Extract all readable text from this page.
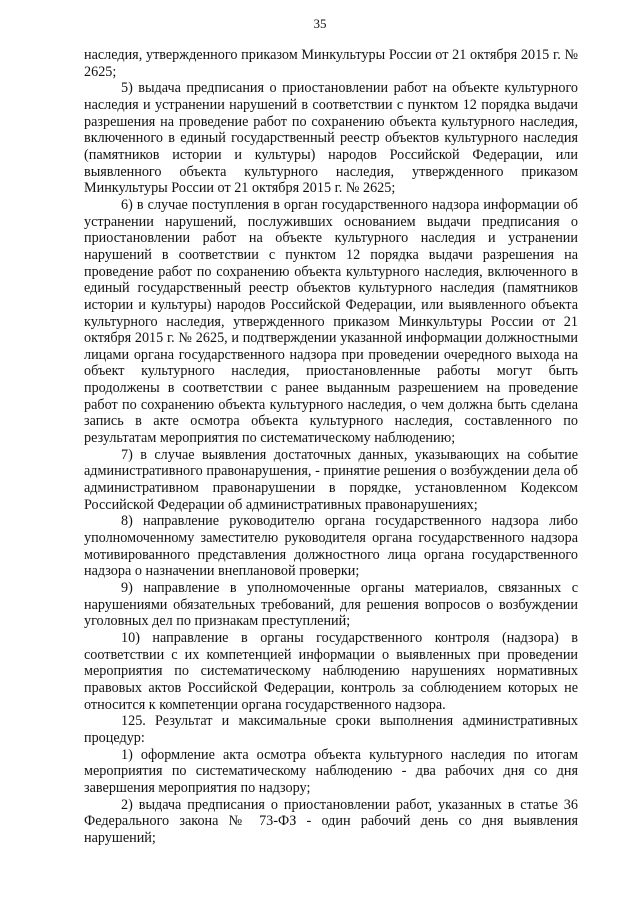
35

наследия, утвержденного приказом Минкультуры России от 21 октября 2015 г. № 2625;

5) выдача предписания о приостановлении работ на объекте культурного наследия и устранении нарушений в соответствии с пунктом 12 порядка выдачи разрешения на проведение работ по сохранению объекта культурного наследия, включенного в единый государственный реестр объектов культурного наследия (памятников истории и культуры) народов Российской Федерации, или выявленного объекта культурного наследия, утвержденного приказом Минкультуры России от 21 октября 2015 г. № 2625;

6) в случае поступления в орган государственного надзора информации об устранении нарушений, послуживших основанием выдачи предписания о приостановлении работ на объекте культурного наследия и устранении нарушений в соответствии с пунктом 12 порядка выдачи разрешения на проведение работ по сохранению объекта культурного наследия, включенного в единый государственный реестр объектов культурного наследия (памятников истории и культуры) народов Российской Федерации, или выявленного объекта культурного наследия, утвержденного приказом Минкультуры России от 21 октября 2015 г. № 2625, и подтверждении указанной информации должностными лицами органа государственного надзора при проведении очередного выхода на объект культурного наследия, приостановленные работы могут быть продолжены в соответствии с ранее выданным разрешением на проведение работ по сохранению объекта культурного наследия, о чем должна быть сделана запись в акте осмотра объекта культурного наследия, составленного по результатам мероприятия по систематическому наблюдению;

7) в случае выявления достаточных данных, указывающих на событие административного правонарушения, - принятие решения о возбуждении дела об административном правонарушении в порядке, установленном Кодексом Российской Федерации об административных правонарушениях;

8) направление руководителю органа государственного надзора либо уполномоченному заместителю руководителя органа государственного надзора мотивированного представления должностного лица органа государственного надзора о назначении внеплановой проверки;

9) направление в уполномоченные органы материалов, связанных с нарушениями обязательных требований, для решения вопросов о возбуждении уголовных дел по признакам преступлений;

10) направление в органы государственного контроля (надзора) в соответствии с их компетенцией информации о выявленных при проведении мероприятия по систематическому наблюдению нарушениях нормативных правовых актов Российской Федерации, контроль за соблюдением которых не относится к компетенции органа государственного надзора.

125. Результат и максимальные сроки выполнения административных процедур:

1) оформление акта осмотра объекта культурного наследия по итогам мероприятия по систематическому наблюдению - два рабочих дня со дня завершения мероприятия по надзору;

2) выдача предписания о приостановлении работ, указанных в статье 36 Федерального закона № 73-ФЗ - один рабочий день со дня выявления нарушений;
